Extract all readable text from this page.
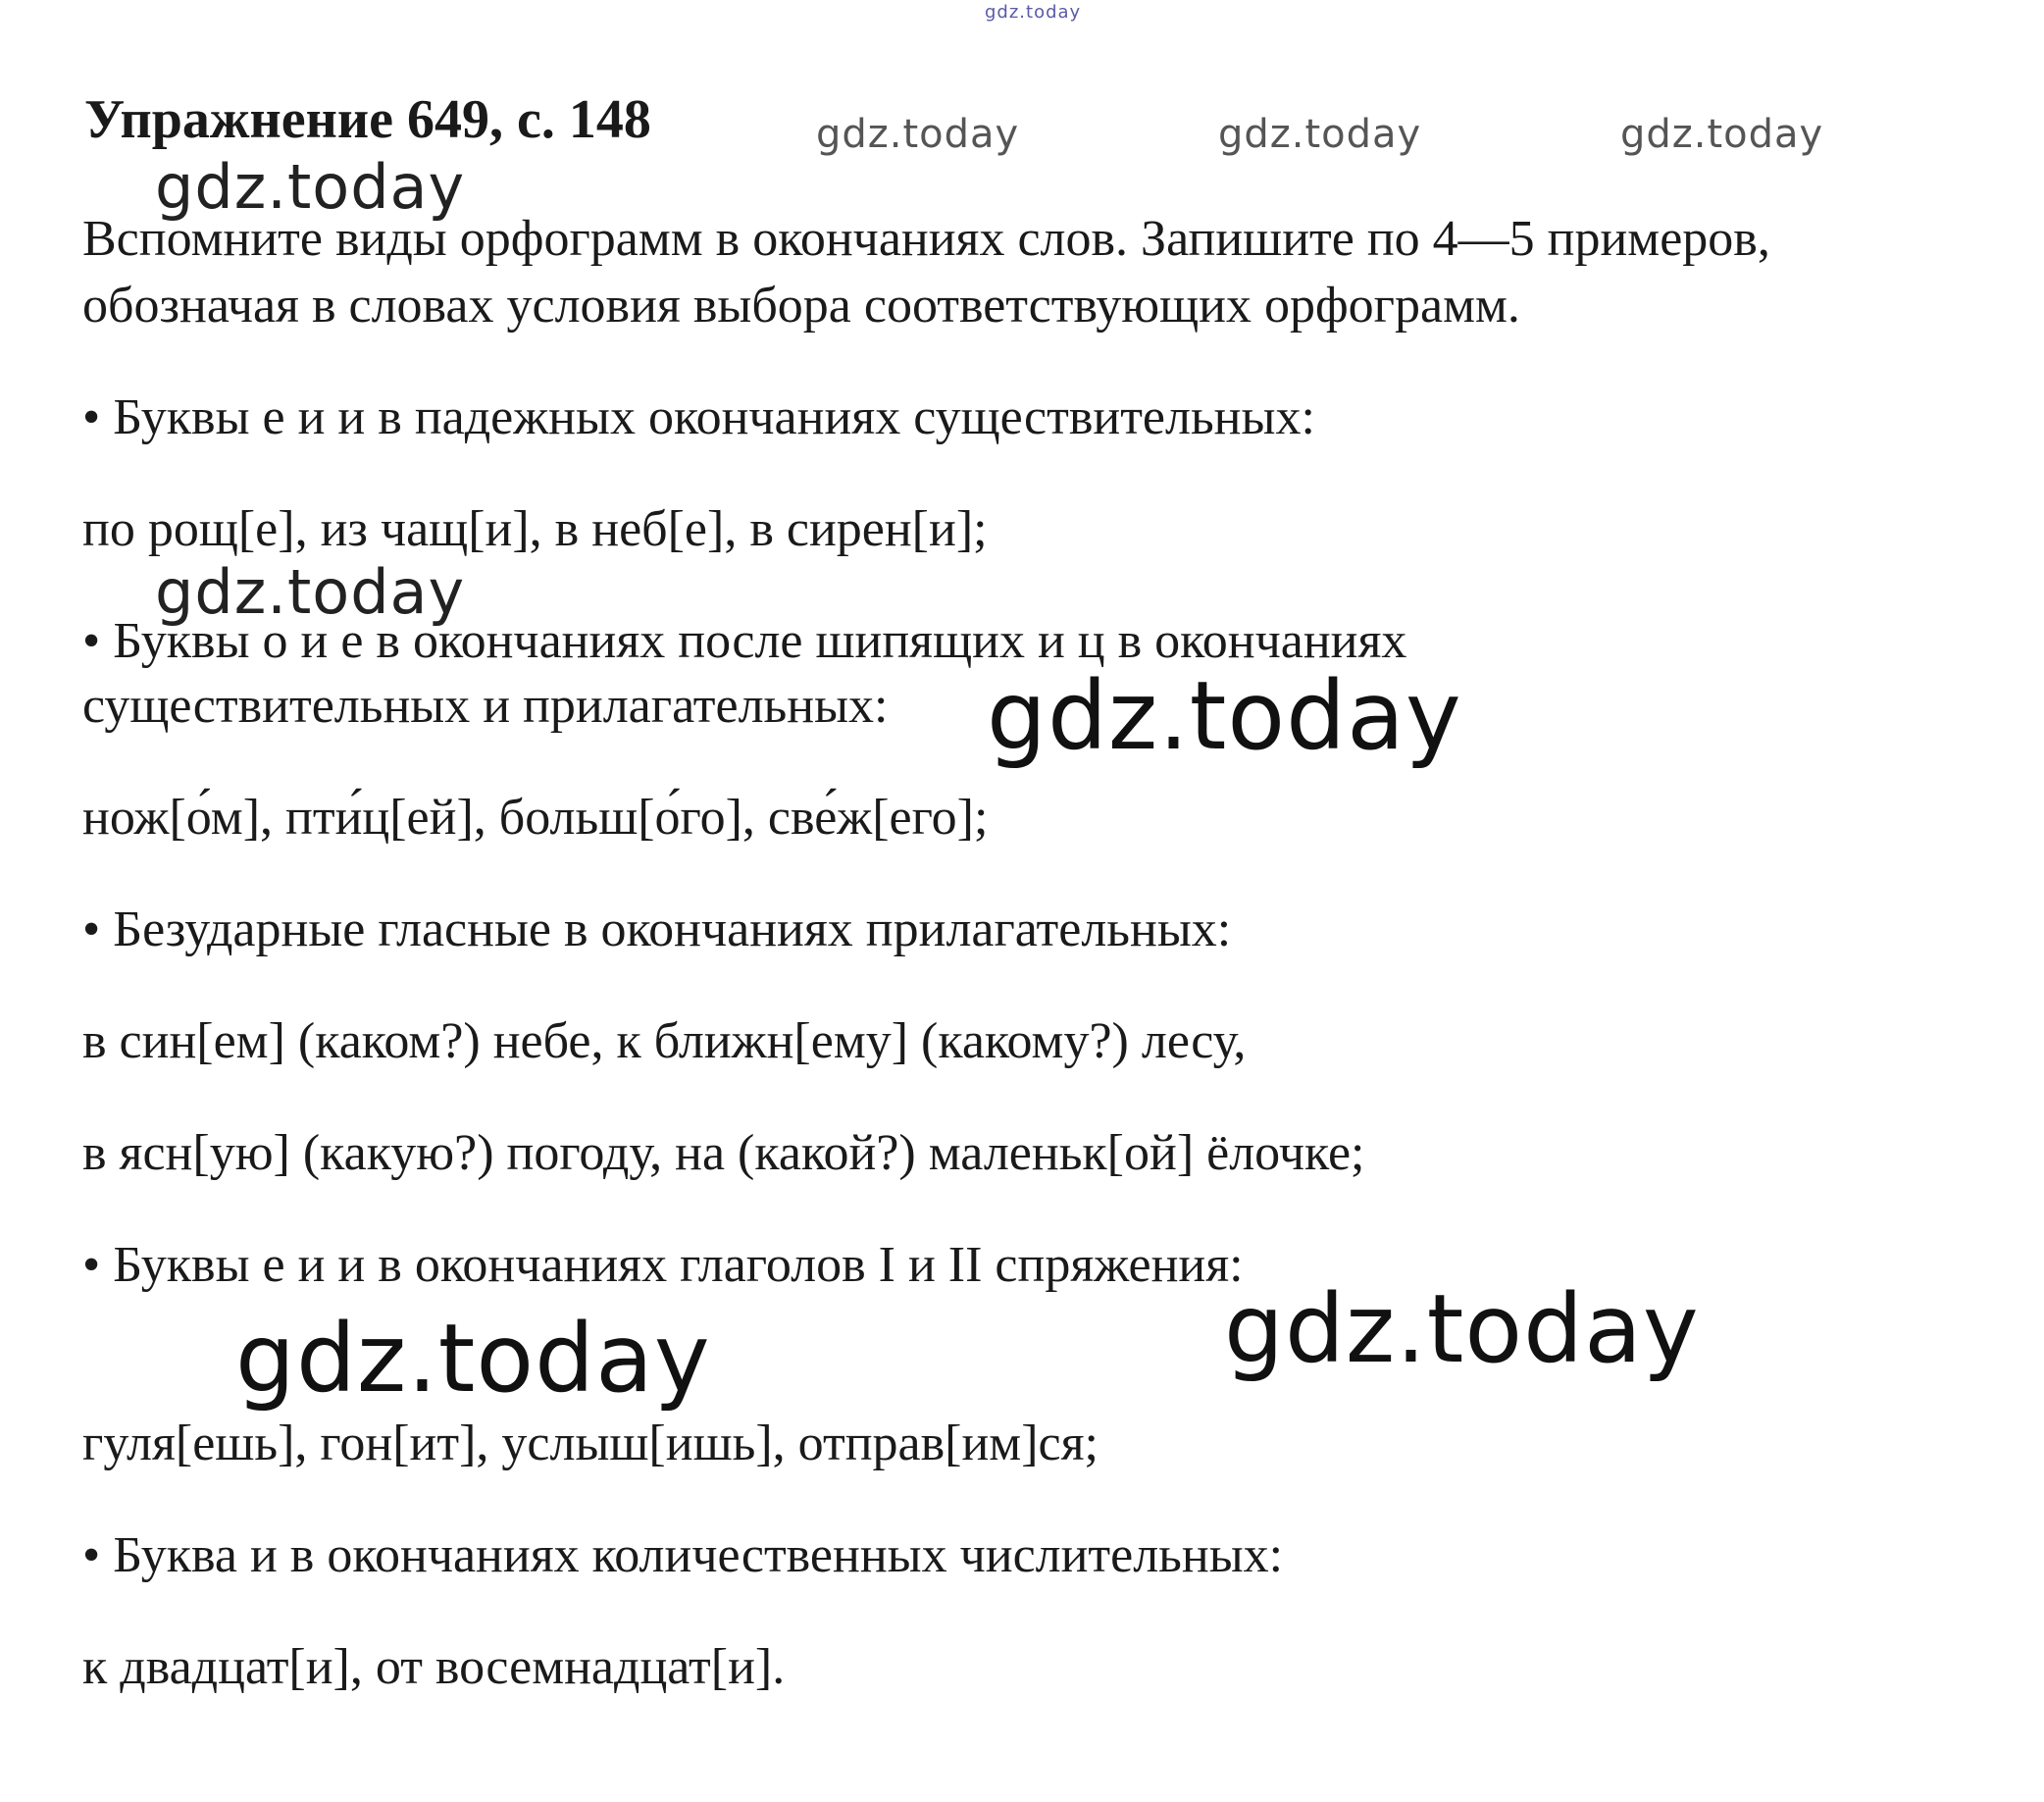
gdz.today
gdz.today	gdz.today	gdz.today
gdz.today
gdz.today
gdz.today
gdz.today
gdz.today
Упражнение 649, с. 148
Вспомните виды орфограмм в окончаниях слов. Запишите по 4—5 примеров,
обозначая в словах условия выбора соответствующих орфограмм.
• Буквы е и и в падежных окончаниях существительных:
по рощ[е], из чащ[и], в неб[е], в сирен[и];
• Буквы о и е в окончаниях после шипящих и ц в окончаниях
существительных и прилагательных:
нож[о́м], пти́ц[ей], больш[о́го], све́ж[его];
• Безударные гласные в окончаниях прилагательных:
в син[ем] (каком?) небе, к ближн[ему] (какому?) лесу,
в ясн[ую] (какую?) погоду, на (какой?) маленьк[ой] ёлочке;
• Буквы е и и в окончаниях глаголов I и II спряжения:
гуля[ешь], гон[ит], услыш[ишь], отправ[им]ся;
• Буква и в окончаниях количественных числительных:
к двадцат[и], от восемнадцат[и].
